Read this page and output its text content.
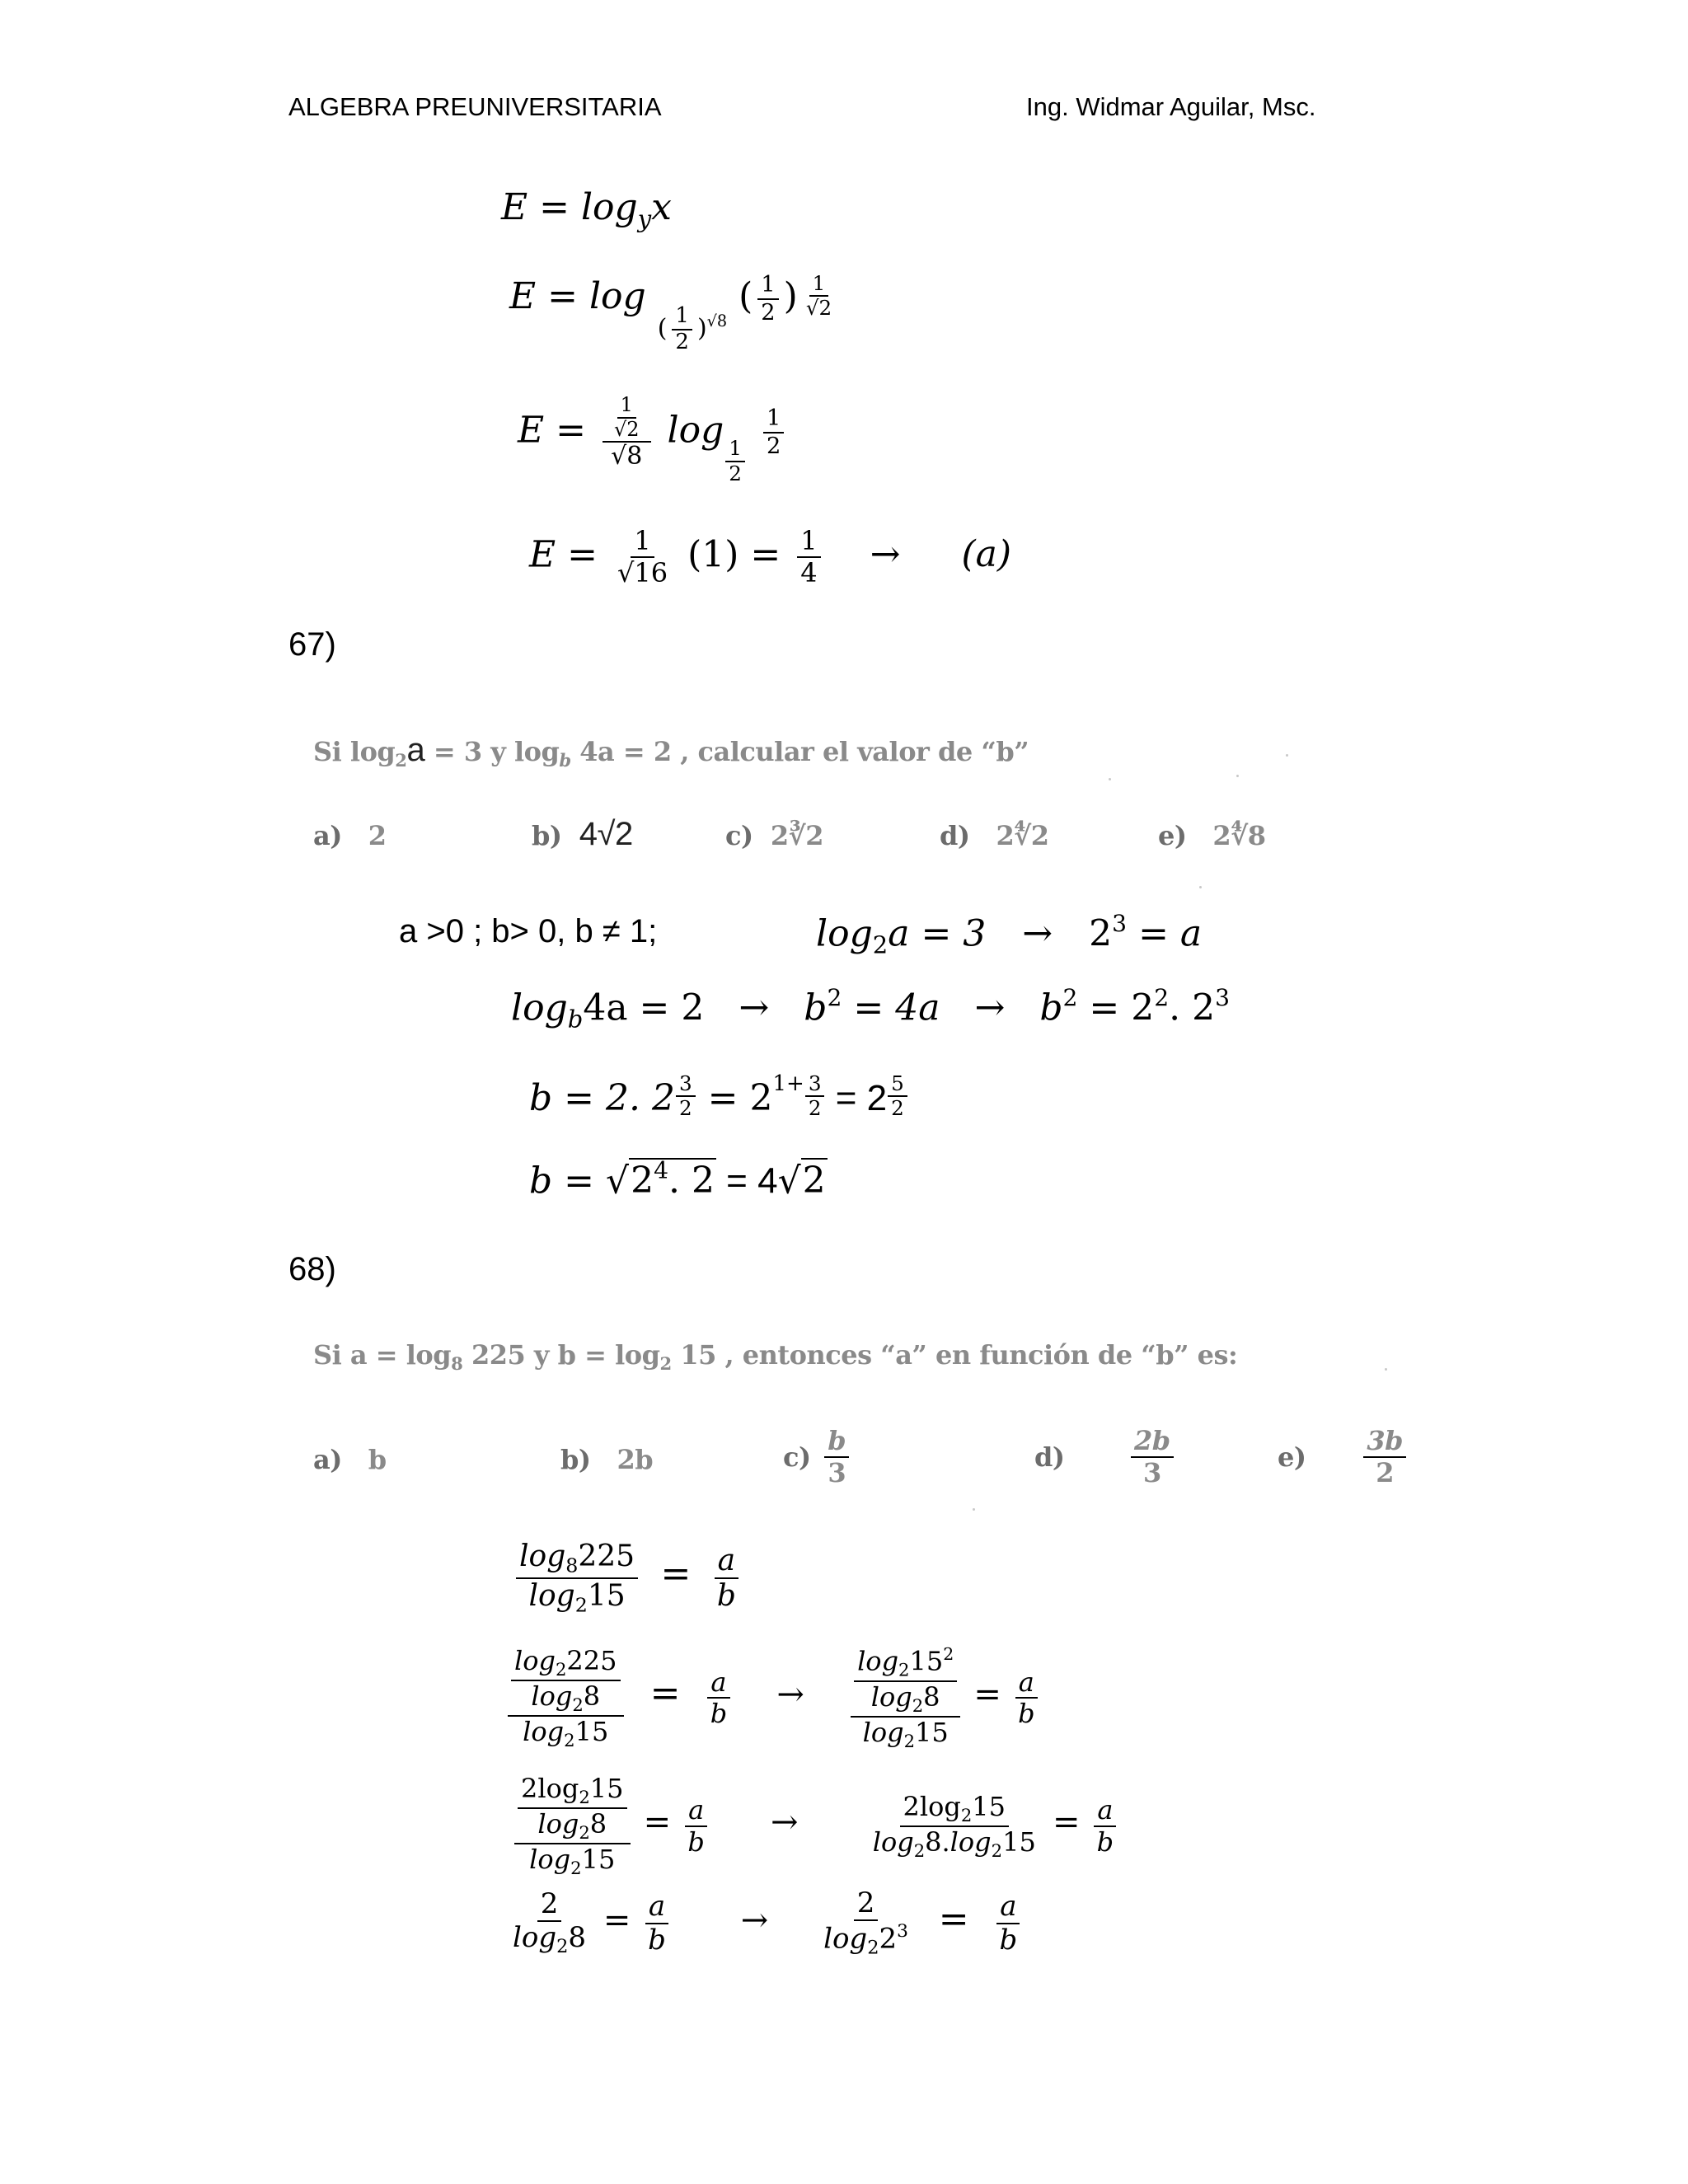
ALGEBRA PREUNIVERSITARIA	Ing. Widmar Aguilar, Msc.
$E = \log_yx$
E = log ( $\frac{1}{2} )^{√8}$ ( $\frac{1}{2}$ ) $\frac{1}{√2}$
$E = \frac{\frac{1}{√2}}{√8}$ log
$\frac{1}{2}$

$\frac{1}{2}$
$E = \frac{1}{√16} (1) = \frac{1}{4} \to (a)$
67)
Si $\log_2a = 3$ y $\log_b 4a = 2$ , calcular el valor de “b”
a) 2	b) 4√2	c) 2∛2	d) 2∜2	e) 2∜8
a >0 ; b> 0, b ≠ 1;	$\log_2a = 3 \to 2^3 = a$
$\log_b4a = 2 \to b^2 = 4a \to b^2 = 2^2$. $2^3$
b = 2. $2 \frac{3}{2} = 2^{1+} \frac{3}{2} = 2 \frac{5}{2}$
$b = √2^4$. 2 = 4√2
68)
Si $a = \log_8 225$ y $b = \log_2 15$ , entonces “a” en función de “b” es:
a) b	b) 2b	$c) \frac{b}{3}$	d)	$\frac{2b}{3}$	$e) \frac{3b}{2}$
$\frac{\log_8225}{\log_215} = \frac{a}{b}$
$\frac{\frac{\log_2225}{\log_28}}{\log_215} = \frac{a}{b} \to \frac{\frac{\log_215^2}{\log_28}}{\log_215} = \frac{a}{b}$
$\frac{\frac{2\log_215}{\log_28}}{\log_215} = \frac{a}{b}$ →	$\frac{2\log_215}{\log_28.\log_215} = \frac{a}{b}$
$\frac{2}{\log_28} = \frac{a}{b} \to \frac{2}{\log_22^3} = \frac{a}{b}$
